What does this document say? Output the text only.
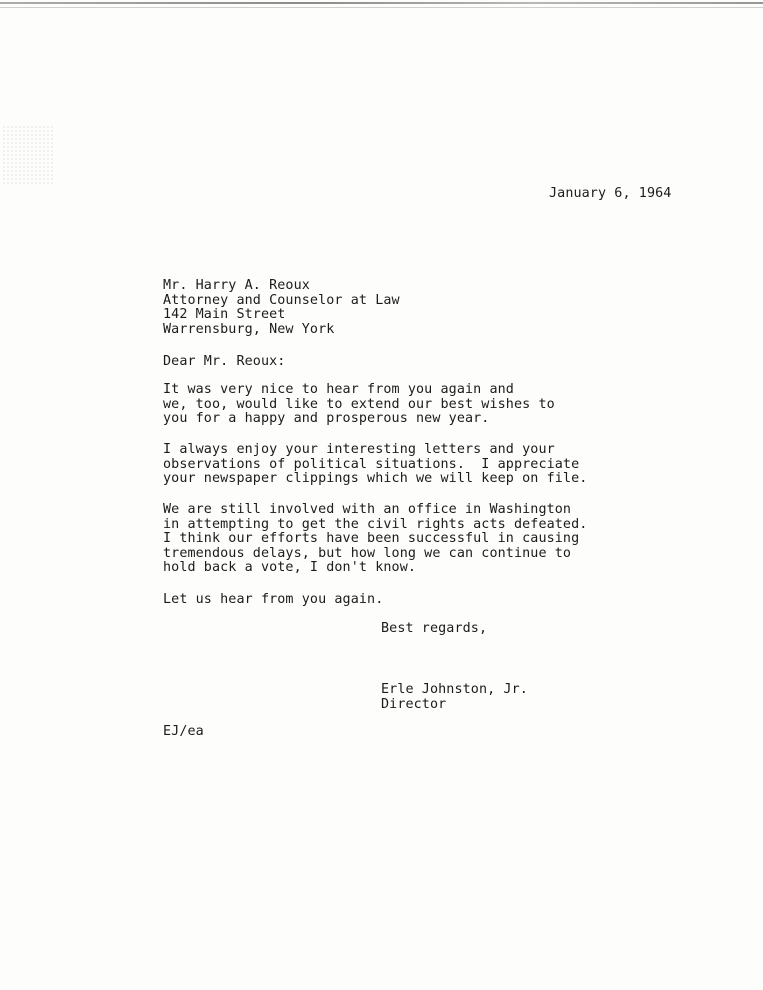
January 6, 1964
Mr. Harry A. Reoux
Attorney and Counselor at Law
142 Main Street
Warrensburg, New York
Dear Mr. Reoux:
It was very nice to hear from you again and
we, too, would like to extend our best wishes to
you for a happy and prosperous new year.
I always enjoy your interesting letters and your
observations of political situations.  I appreciate
your newspaper clippings which we will keep on file.
We are still involved with an office in Washington
in attempting to get the civil rights acts defeated.
I think our efforts have been successful in causing
tremendous delays, but how long we can continue to
hold back a vote, I don't know.
Let us hear from you again.
Best regards,
Erle Johnston, Jr.
Director
EJ/ea
